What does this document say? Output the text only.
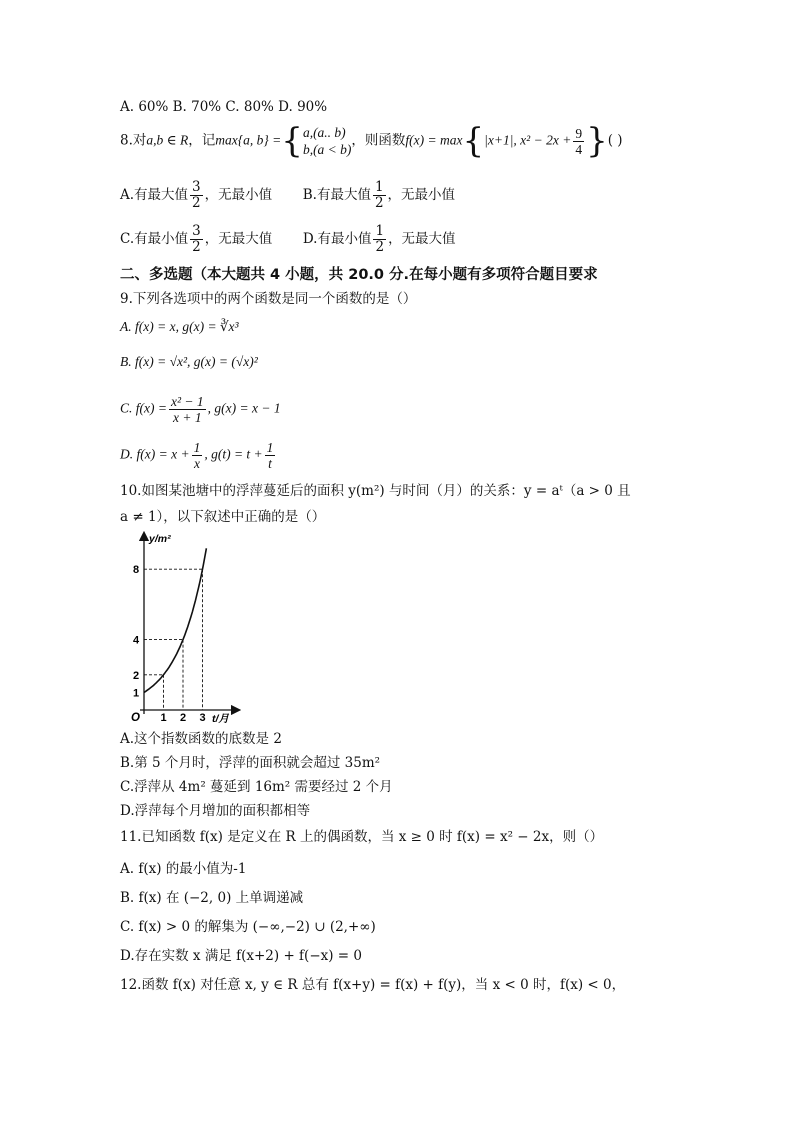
A. 60% B. 70% C. 80% D. 90%
8.对a,b ∈ R，记max{a, b} ={ a,(a.. b)
b,(a < b)
，则函数f(x) = max{|x+1|, $x^2 - 2x + \frac{9}{4}$ }( )
A.有最大值 $\frac{3}{2}$ ，无最小值 B.有最大值 $\frac{1}{2}$ ，无最小值
C.有最小值 $\frac{3}{2}$ ，无最大值 D.有最小值 $\frac{1}{2}$ ，无最大值
二、多选题（本大题共 4 小题，共 20.0 分.在每小题有多项符合题目要求
9.下列各选项中的两个函数是同一个函数的是（）
A. f(x) = x, g(x) = ∛x³
B. f(x) = √x², g(x) = (√x)²
C. $f(x) = \frac{\text{x² − 1}}{x + 1}$ , g(x) = x − 1
D. $f(x) = x + \frac{1}{x}$ , $g(t) = t + \frac{1}{t}$
10.如图某池塘中的浮萍蔓延后的面积 y(m²) 与时间（月）的关系：y = aᵗ（a > 0 且
a ≠ 1），以下叙述中正确的是（）
y/m²
t/月
O 1 2 3
1
2
4
8
A.这个指数函数的底数是 2
B.第 5 个月时，浮萍的面积就会超过 35m²
C.浮萍从 4m² 蔓延到 16m² 需要经过 2 个月
D.浮萍每个月增加的面积都相等
11.已知函数 f(x) 是定义在 R 上的偶函数，当 x ≥ 0 时 f(x) = x² − 2x，则（）
A. f(x) 的最小值为-1
B. f(x) 在 (−2, 0) 上单调递减
C. f(x) > 0 的解集为 (−∞,−2) ∪ (2,+∞)
D.存在实数 x 满足 f(x+2) + f(−x) = 0
12.函数 f(x) 对任意 x, y ∈ R 总有 f(x+y) = f(x) + f(y)，当 x < 0 时，f(x) < 0，
